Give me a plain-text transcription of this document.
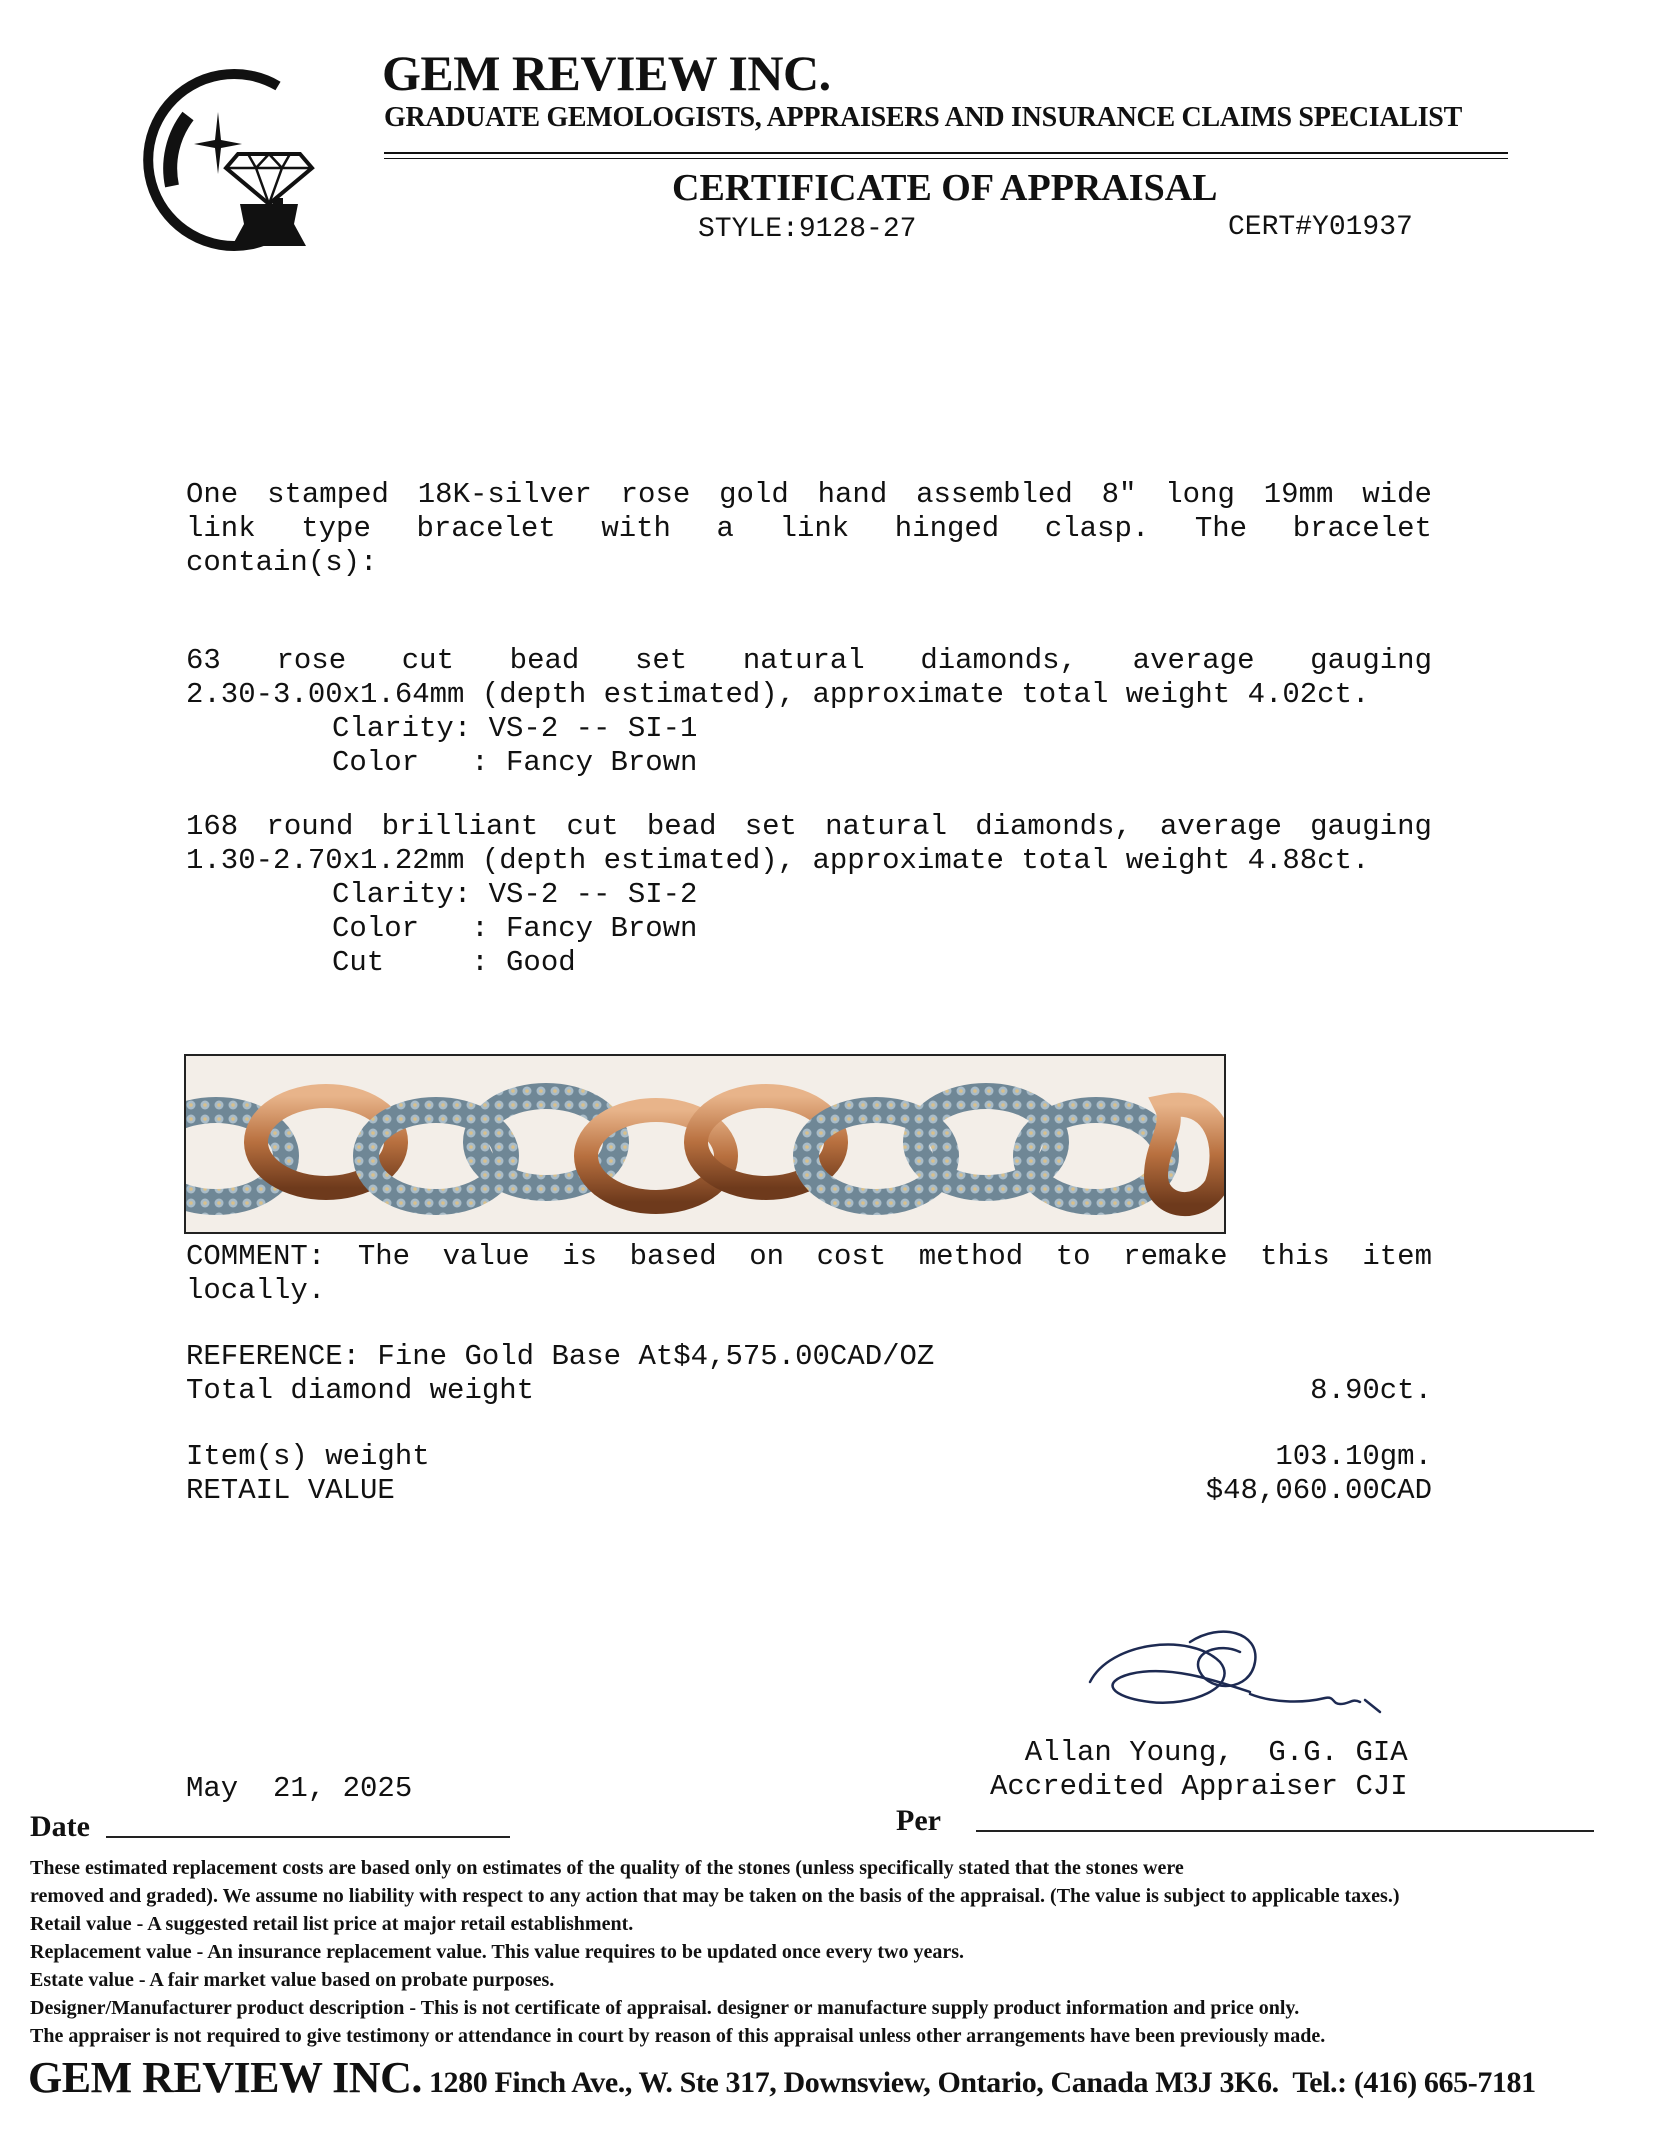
GEM REVIEW INC.
GRADUATE GEMOLOGISTS, APPRAISERS AND INSURANCE CLAIMS SPECIALIST
CERTIFICATE OF APPRAISAL
STYLE:9128-27	CERT#Y01937
One stamped 18K-silver rose gold hand assembled 8" long 19mm wide
link type bracelet with a link hinged clasp. The bracelet
contain(s):
63 rose cut bead set natural diamonds, average gauging
2.30-3.00x1.64mm (depth estimated), approximate total weight 4.02ct.
Clarity: VS-2 -- SI-1
Color   : Fancy Brown
168 round brilliant cut bead set natural diamonds, average gauging
1.30-2.70x1.22mm (depth estimated), approximate total weight 4.88ct.
Clarity: VS-2 -- SI-2
Color   : Fancy Brown
Cut     : Good
COMMENT: The value is based on cost method to remake this item
locally.
REFERENCE: Fine Gold Base At$4,575.00CAD/OZ
Total diamond weight	8.90ct.
Item(s) weight	103.10gm.
RETAIL VALUE	$48,060.00CAD
Allan Young,  G.G. GIA
Accredited Appraiser CJI
May  21, 2025
Date	Per
These estimated replacement costs are based only on estimates of the quality of the stones (unless specifically stated that the stones were
removed and graded). We assume no liability with respect to any action that may be taken on the basis of the appraisal. (The value is subject to applicable taxes.)
Retail value - A suggested retail list price at major retail establishment.
Replacement value - An insurance replacement value. This value requires to be updated once every two years.
Estate value - A fair market value based on probate purposes.
Designer/Manufacturer product description - This is not certificate of appraisal. designer or manufacture supply product information and price only.
The appraiser is not required to give testimony or attendance in court by reason of this appraisal unless other arrangements have been previously made.
GEM REVIEW INC. 1280 Finch Ave., W. Ste 317, Downsview, Ontario, Canada M3J 3K6.  Tel.: (416) 665-7181
